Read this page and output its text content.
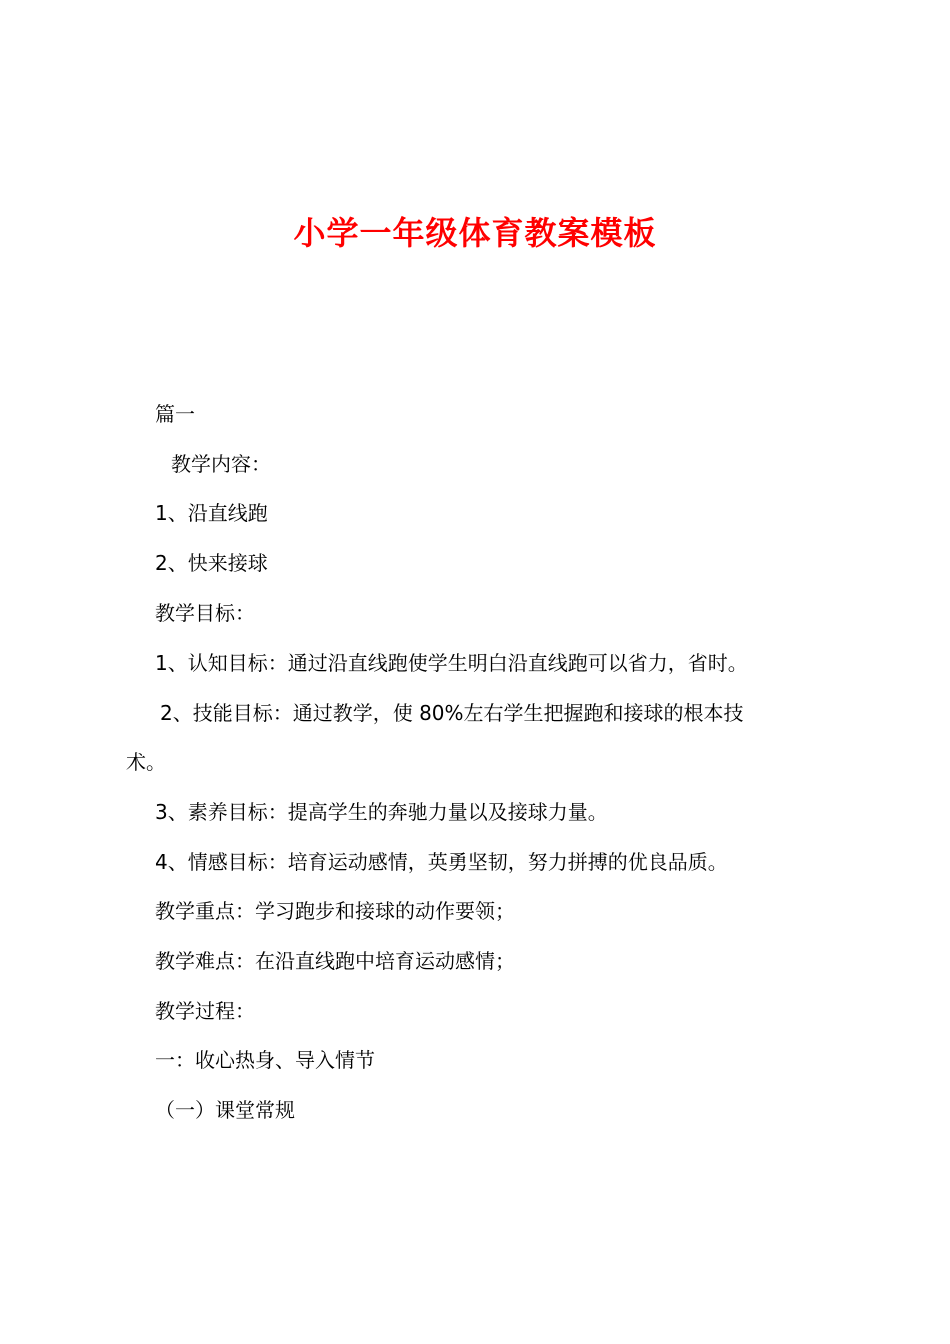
小学一年级体育教案模板
篇一
教学内容：
1、沿直线跑
2、快来接球
教学目标：
1、认知目标：通过沿直线跑使学生明白沿直线跑可以省力，省时。
2、技能目标：通过教学，使 80%左右学生把握跑和接球的根本技
术。
3、素养目标：提高学生的奔驰力量以及接球力量。
4、情感目标：培育运动感情，英勇坚韧，努力拼搏的优良品质。
教学重点：学习跑步和接球的动作要领；
教学难点：在沿直线跑中培育运动感情；
教学过程：
一：收心热身、导入情节
（一）课堂常规
